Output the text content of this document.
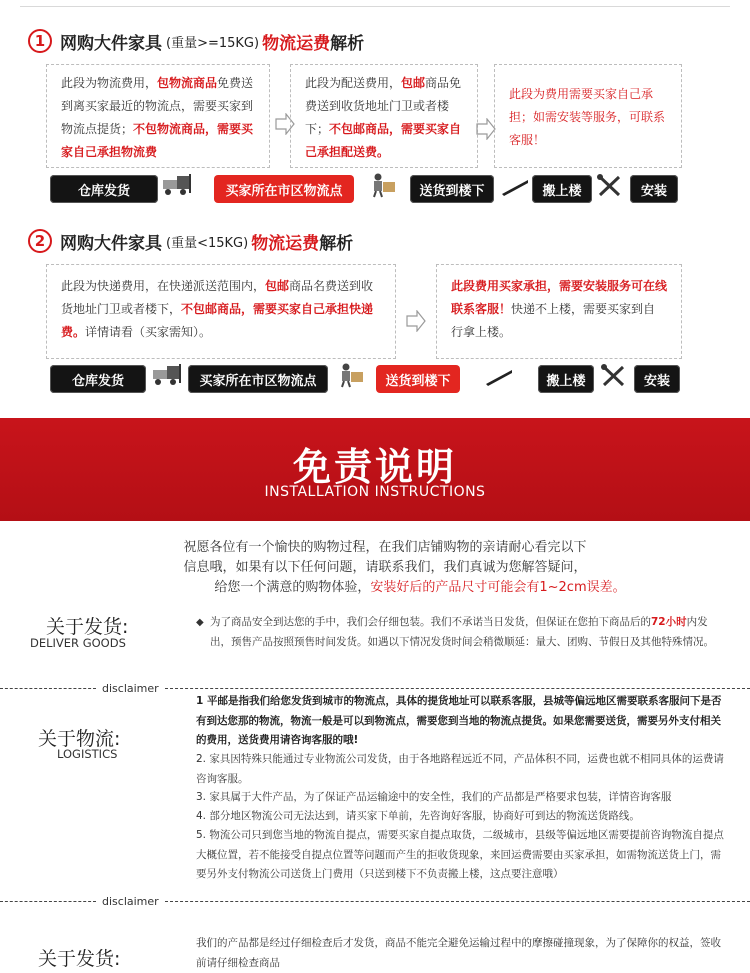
1 网购大件家具 (重量>=15KG) 物流运费 解析
此段为物流费用，包物流商品免费送到离买家最近的物流点，需要买家到物流点提货；不包物流商品，需要买家自己承担物流费
此段为配送费用，包邮商品免费送到收货地址门卫或者楼下；不包邮商品，需要买家自己承担配送费。
此段为费用需要买家自己承担；如需安装等服务，可联系客服！
仓库发货	买家所在市区物流点	送货到楼下	搬上楼	安装
2 网购大件家具 (重量<15KG) 物流运费 解析
此段为快递费用，在快递派送范围内，包邮商品名费送到收货地址门卫或者楼下，不包邮商品，需要买家自己承担快递费。详情请看（买家需知）。
此段费用买家承担，需要安装服务可在线联系客服！快递不上楼，需要买家到自行拿上楼。
仓库发货	买家所在市区物流点	送货到楼下	搬上楼	安装
免责说明
INSTALLATION INSTRUCTIONS
祝愿各位有一个愉快的购物过程，在我们店铺购物的亲请耐心看完以下
信息哦，如果有以下任何问题，请联系我们，我们真诚为您解答疑问，
给您一个满意的购物体验，安装好后的产品尺寸可能会有1~2cm误差。
关于发货:
DELIVER GOODS
◆ 为了商品安全到达您的手中，我们会仔细包装。我们不承诺当日发货，但保证在您拍下商品后的72小时内发出，预售产品按照预售时间发货。如遇以下情况发货时间会稍微顺延：量大、团购、节假日及其他特殊情况。
disclaimer
关于物流:
LOGISTICS
1 平邮是指我们给您发货到城市的物流点，具体的提货地址可以联系客服，县城等偏远地区需要联系客服问下是否有到达您那的物流，物流一般是可以到物流点，需要您到当地的物流点提货。如果您需要送货，需要另外支付相关的费用，送货费用请咨询客服的哦!
2. 家具因特殊只能通过专业物流公司发货，由于各地路程远近不同，产品体积不同，运费也就不相同具体的运费请咨询客服。
3. 家具属于大件产品，为了保证产品运输途中的安全性，我们的产品都是严格要求包装，详情咨询客服
4. 部分地区物流公司无法达到，请买家下单前，先咨询好客服，协商好可到达的物流送货路线。
5. 物流公司只到您当地的物流自提点，需要买家自提点取货，二级城市，县级等偏远地区需要提前咨询物流自提点大概位置，若不能接受自提点位置等问题而产生的拒收货现象，来回运费需要由买家承担，如需物流送货上门，需要另外支付物流公司送货上门费用（只送到楼下不负责搬上楼，这点要注意哦）
disclaimer
关于发货:
我们的产品都是经过仔细检查后才发货，商品不能完全避免运输过程中的摩擦碰撞现象，为了保障你的权益，签收前请仔细检查商品
